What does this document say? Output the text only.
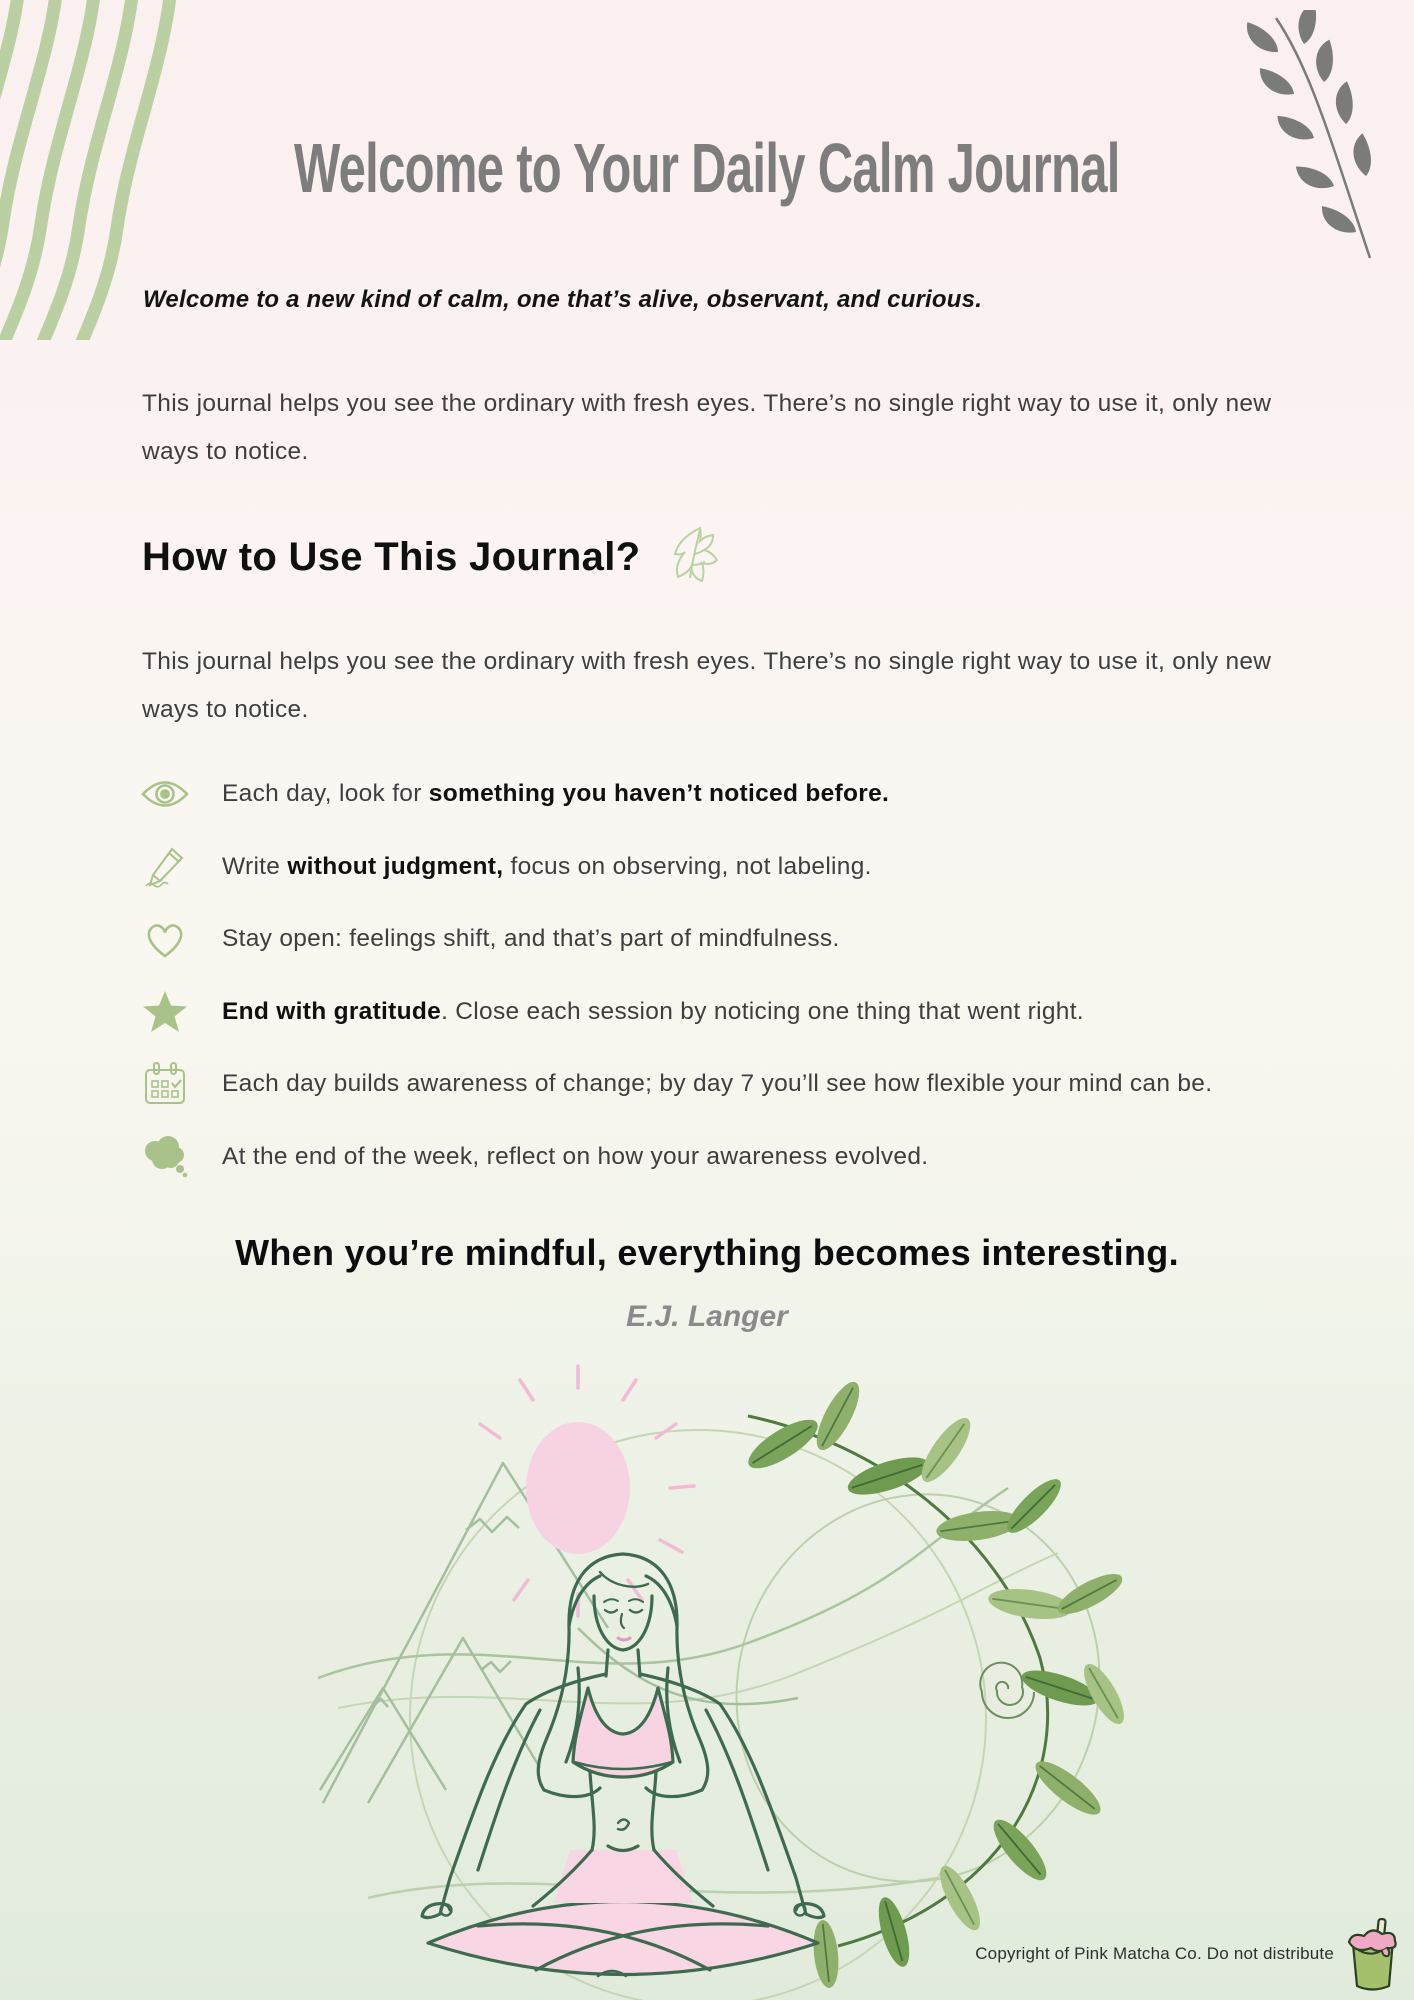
Welcome to Your Daily Calm Journal

Welcome to a new kind of calm, one that’s alive, observant, and curious.

This journal helps you see the ordinary with fresh eyes. There’s no single right way to use it, only new ways to notice.

How to Use This Journal?

This journal helps you see the ordinary with fresh eyes. There’s no single right way to use it, only new ways to notice.

Each day, look for something you haven’t noticed before.
Write without judgment, focus on observing, not labeling.
Stay open: feelings shift, and that’s part of mindfulness.
End with gratitude. Close each session by noticing one thing that went right.
Each day builds awareness of change; by day 7 you’ll see how flexible your mind can be.
At the end of the week, reflect on how your awareness evolved.

When you’re mindful, everything becomes interesting.

E.J. Langer

Copyright of Pink Matcha Co. Do not distribute
